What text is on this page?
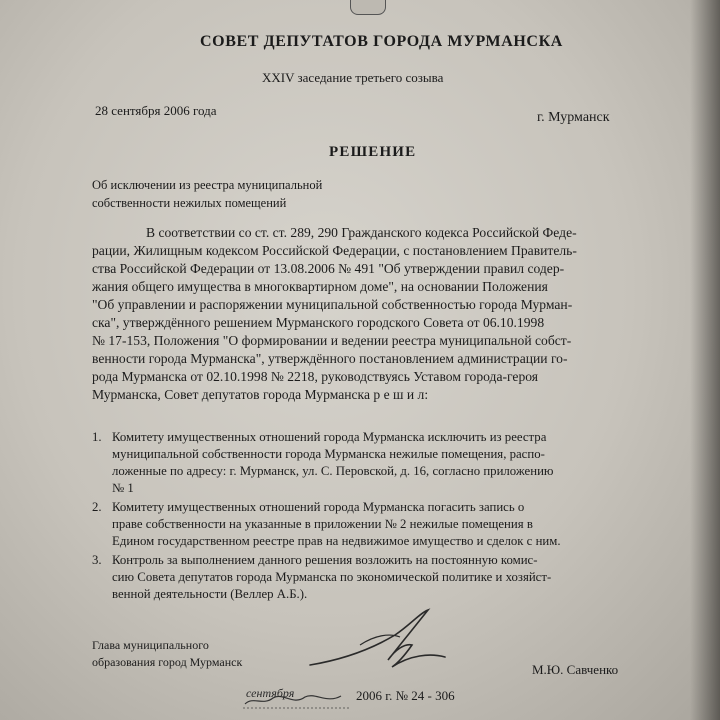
СОВЕТ ДЕПУТАТОВ ГОРОДА МУРМАНСКА
XXIV заседание третьего созыва
28 сентября 2006 года	г. Мурманск
РЕШЕНИЕ
Об исключении из реестра муниципальной
собственности нежилых помещений
В соответствии со ст. ст. 289, 290 Гражданского кодекса Российской Феде-
рации, Жилищным кодексом Российской Федерации, с постановлением Правитель-
ства Российской Федерации от 13.08.2006 № 491 "Об утверждении правил содер-
жания общего имущества в многоквартирном доме", на основании Положения
"Об управлении и распоряжении муниципальной собственностью города Мурман-
ска", утверждённого решением Мурманского городского Совета от 06.10.1998
№ 17-153, Положения "О формировании и ведении реестра муниципальной собст-
венности города Мурманска", утверждённого постановлением администрации го-
рода Мурманска от 02.10.1998 № 2218, руководствуясь Уставом города-героя
Мурманска, Совет депутатов города Мурманска р е ш и л:
1. Комитету имущественных отношений города Мурманска исключить из реестра
муниципальной собственности города Мурманска нежилые помещения, распо-
ложенные по адресу: г. Мурманск, ул. С. Перовской, д. 16, согласно приложению
№ 1
2. Комитету имущественных отношений города Мурманска погасить запись о
праве собственности на указанные в приложении № 2 нежилые помещения в
Едином государственном реестре прав на недвижимое имущество и сделок с ним.
3. Контроль за выполнением данного решения возложить на постоянную комис-
сию Совета депутатов города Мурманска по экономической политике и хозяйст-
венной деятельности (Веллер А.Б.).
Глава муниципального
образования город Мурманск	М.Ю. Савченко
сентября	2006 г. № 24 - 306
